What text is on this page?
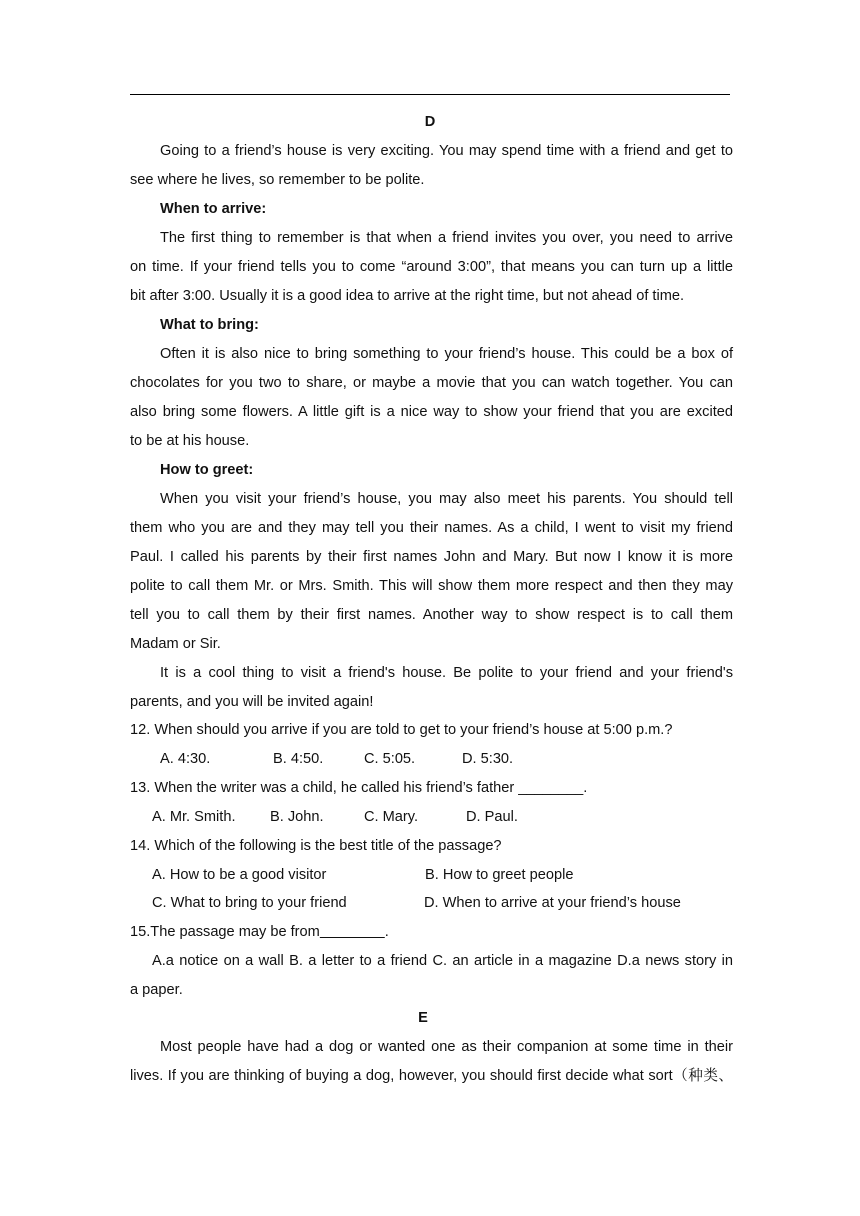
D
Going to a friend’s house is very exciting. You may spend time with a friend and get to
see where he lives, so remember to be polite.
When to arrive:
The first thing to remember is that when a friend invites you over, you need to arrive
on time. If your friend tells you to come “around 3:00”, that means you can turn up a little
bit after 3:00. Usually it is a good idea to arrive at the right time, but not ahead of time.
What to bring:
Often it is also nice to bring something to your friend’s house. This could be a box of
chocolates for you two to share, or maybe a movie that you can watch together. You can
also bring some flowers. A little gift is a nice way to show your friend that you are excited
to be at his house.
How to greet:
When you visit your friend’s house, you may also meet his parents. You should tell
them who you are and they may tell you their names. As a child, I went to visit my friend
Paul. I called his parents by their first names John and Mary. But now I know it is more
polite to call them Mr. or Mrs. Smith. This will show them more respect and then they may
tell you to call them by their first names. Another way to show respect is to call them
Madam or Sir.
It is a cool thing to visit a friend's house. Be polite to your friend and your friend's
parents, and you will be invited again!
12. When should you arrive if you are told to get to your friend’s house at 5:00 p.m.?
A. 4:30.	B. 4:50.	C. 5:05.	D. 5:30.
13. When the writer was a child, he called his friend’s father ________.
A. Mr. Smith. B. John.	C. Mary.	D. Paul.
14. Which of the following is the best title of the passage?
A. How to be a good visitor	B. How to greet people
C. What to bring to your friend	D. When to arrive at your friend’s house
15.The passage may be from	.
A.a notice on a wall B. a letter to a friend C. an article in a magazine D.a news story in
a paper.
E
Most people have had a dog or wanted one as their companion at some time in their
lives. If you are thinking of buying a dog, however, you should first decide what sort（种类、
